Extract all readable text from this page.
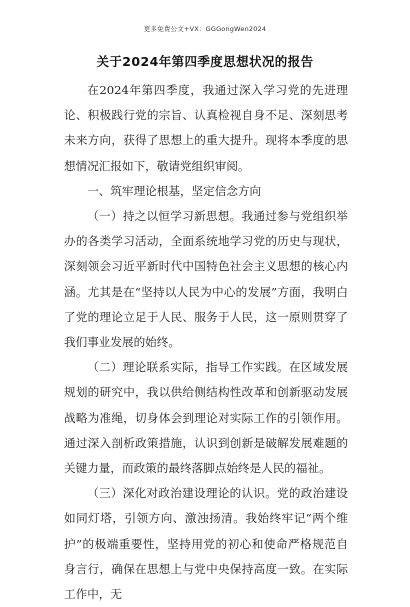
更多免费公文+VX：GGGongWen2024
关于2024年第四季度思想状况的报告

在2024年第四季度，我通过深入学习党的先进理论、积极践行党的宗旨、认真检视自身不足、深刻思考未来方向，获得了思想上的重大提升。现将本季度的思想情况汇报如下，敬请党组织审阅。

一、筑牢理论根基，坚定信念方向

（一）持之以恒学习新思想。我通过参与党组织举办的各类学习活动，全面系统地学习党的历史与现状，深刻领会习近平新时代中国特色社会主义思想的核心内涵。尤其是在“坚持以人民为中心的发展”方面，我明白了党的理论立足于人民、服务于人民，这一原则贯穿了我们事业发展的始终。

（二）理论联系实际，指导工作实践。在区域发展规划的研究中，我以供给侧结构性改革和创新驱动发展战略为准绳，切身体会到理论对实际工作的引领作用。通过深入剖析政策措施，认识到创新是破解发展难题的关键力量，而政策的最终落脚点始终是人民的福祉。

（三）深化对政治建设理论的认识。党的政治建设如同灯塔，引领方向、激浊扬清。我始终牢记“两个维护”的极端重要性，坚持用党的初心和使命严格规范自身言行，确保在思想上与党中央保持高度一致。在实际工作中，无
